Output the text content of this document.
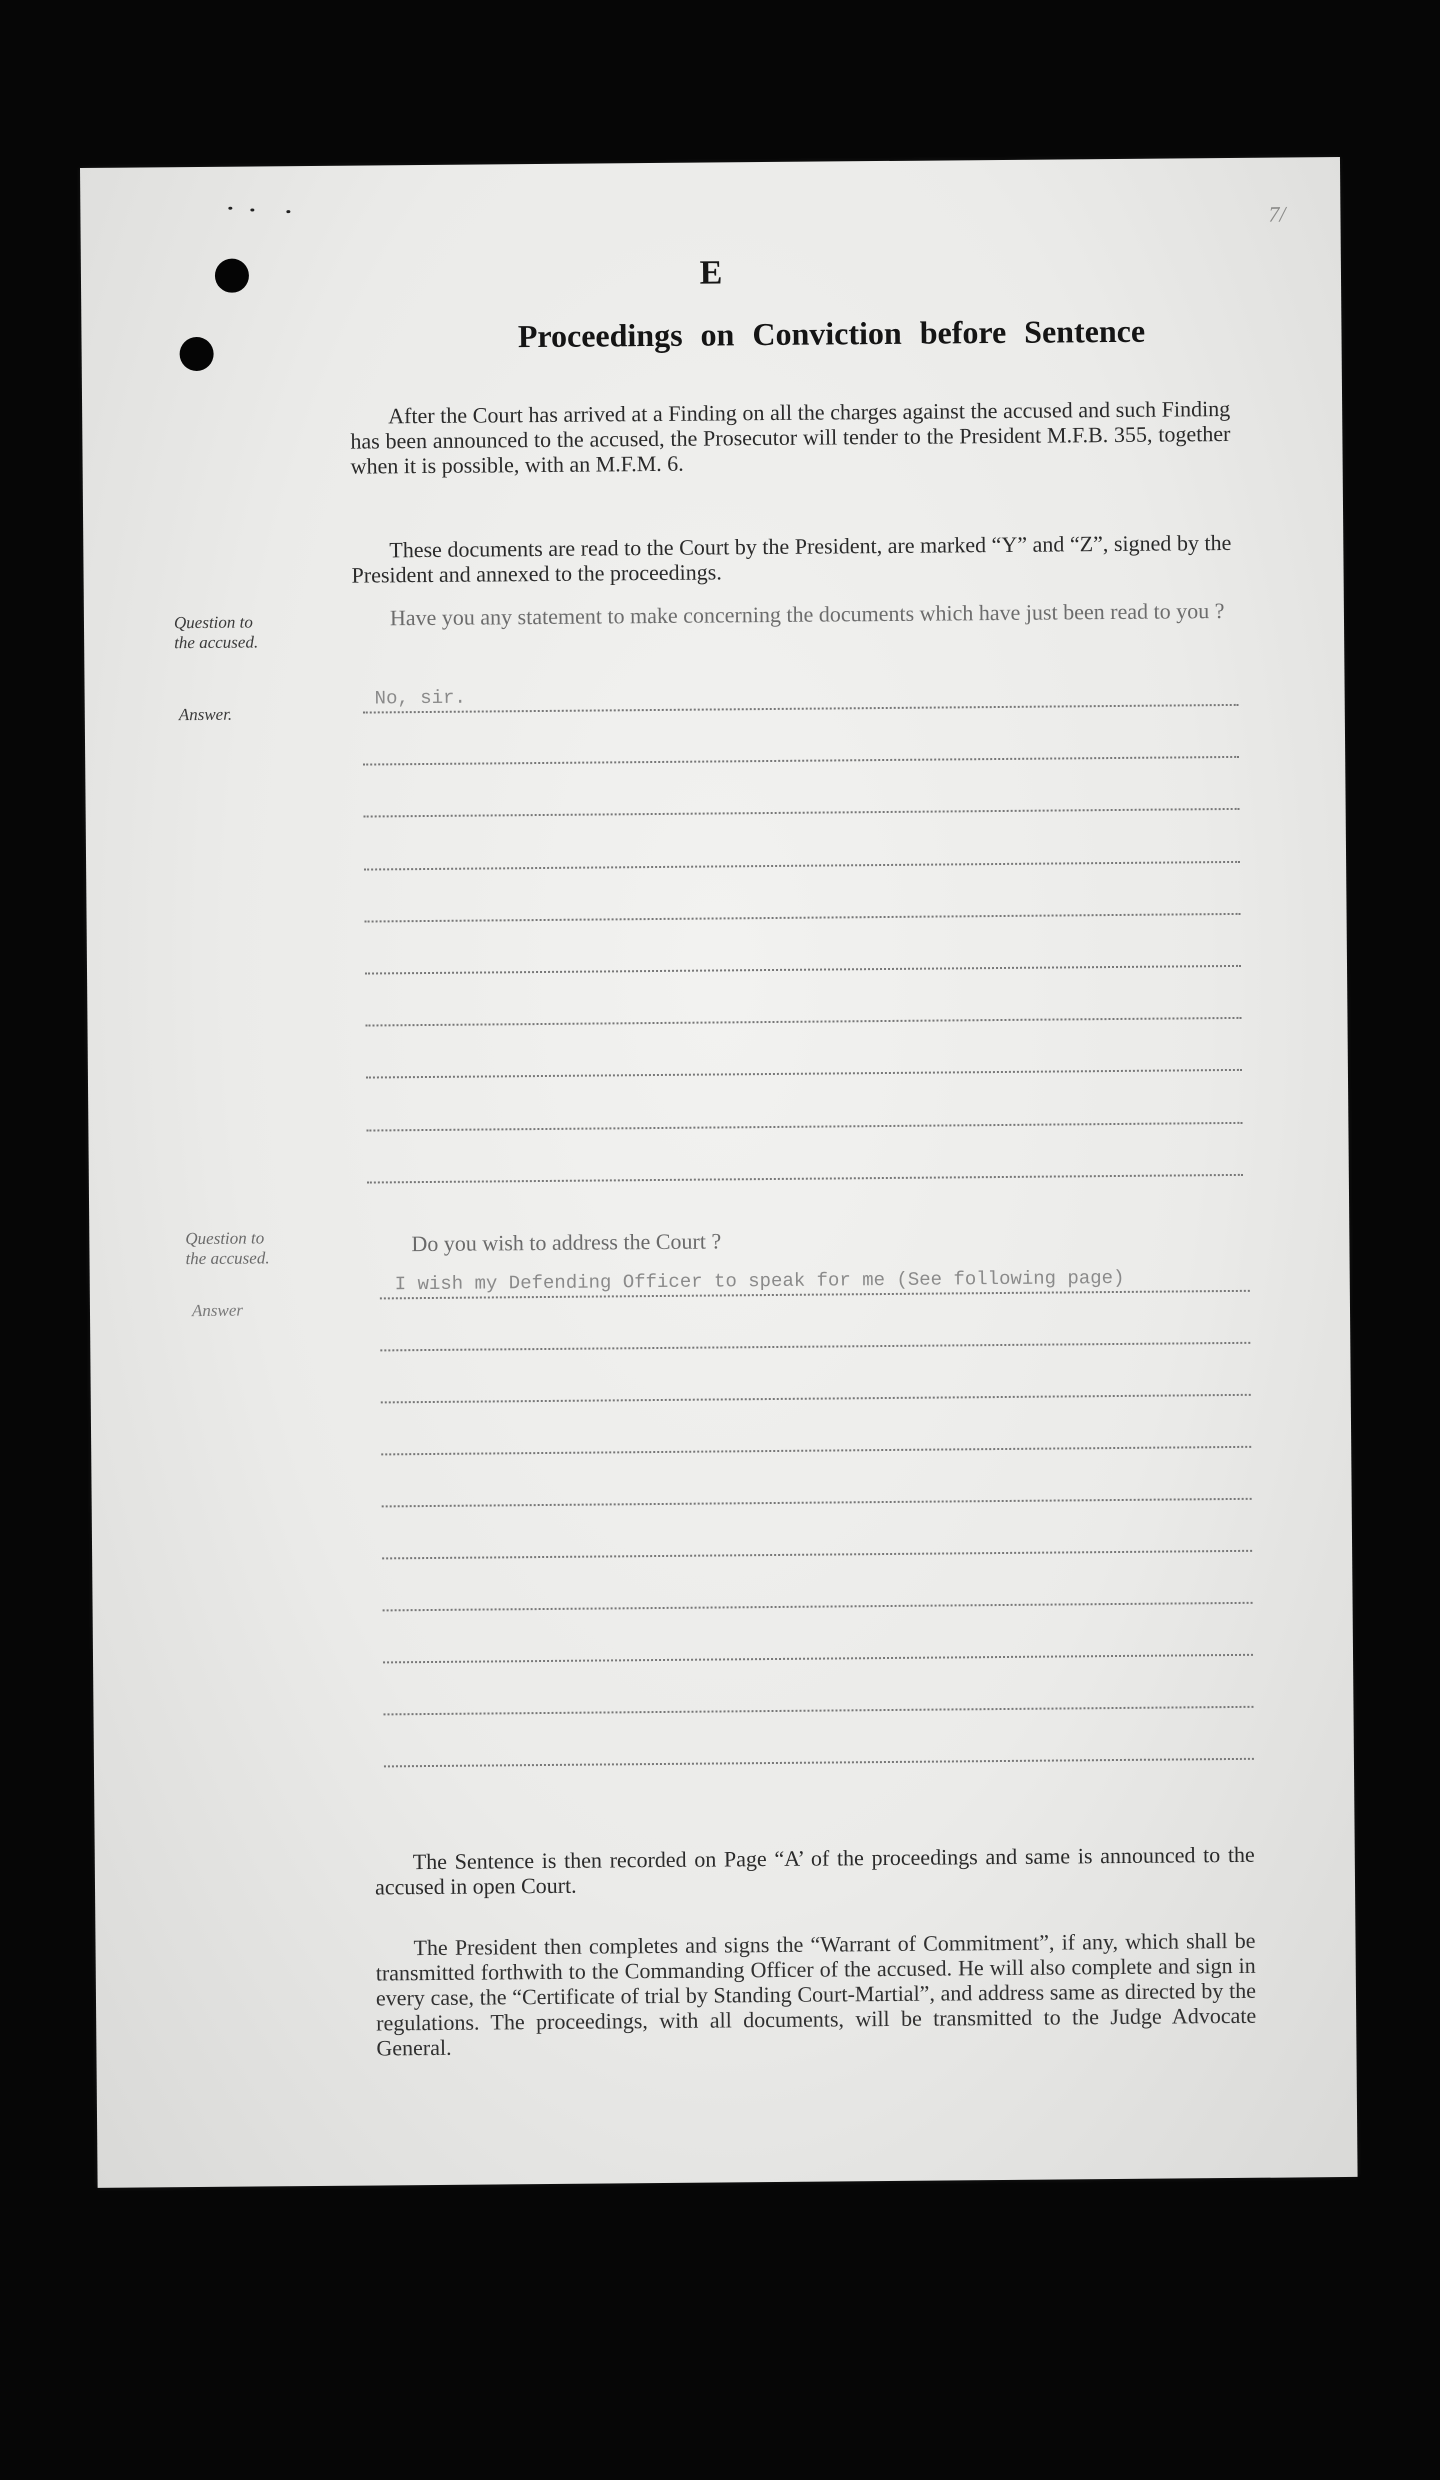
7/
E
Proceedings on Conviction before Sentence

After the Court has arrived at a Finding on all the charges against the accused and such Finding has been announced to the accused, the Prosecutor will tender to the President M.F.B. 355, together when it is possible, with an M.F.M. 6.

These documents are read to the Court by the President, are marked “Y” and “Z”, signed by the President and annexed to the proceedings.

Question to
the accused.

Have you any statement to make concerning the documents which have just been read to you ?

Answer.
No, sir.
Question to
the accused.

Do you wish to address the Court ?

Answer
I wish my Defending Officer to speak for me (See following page)

The Sentence is then recorded on Page “A’ of the proceedings and same is announced to the accused in open Court.

The President then completes and signs the “Warrant of Commitment”, if any, which shall be transmitted forthwith to the Commanding Officer of the accused. He will also complete and sign in every case, the “Certificate of trial by Standing Court-Martial”, and address same as directed by the regulations. The proceedings, with all documents, will be transmitted to the Judge Advocate General.
